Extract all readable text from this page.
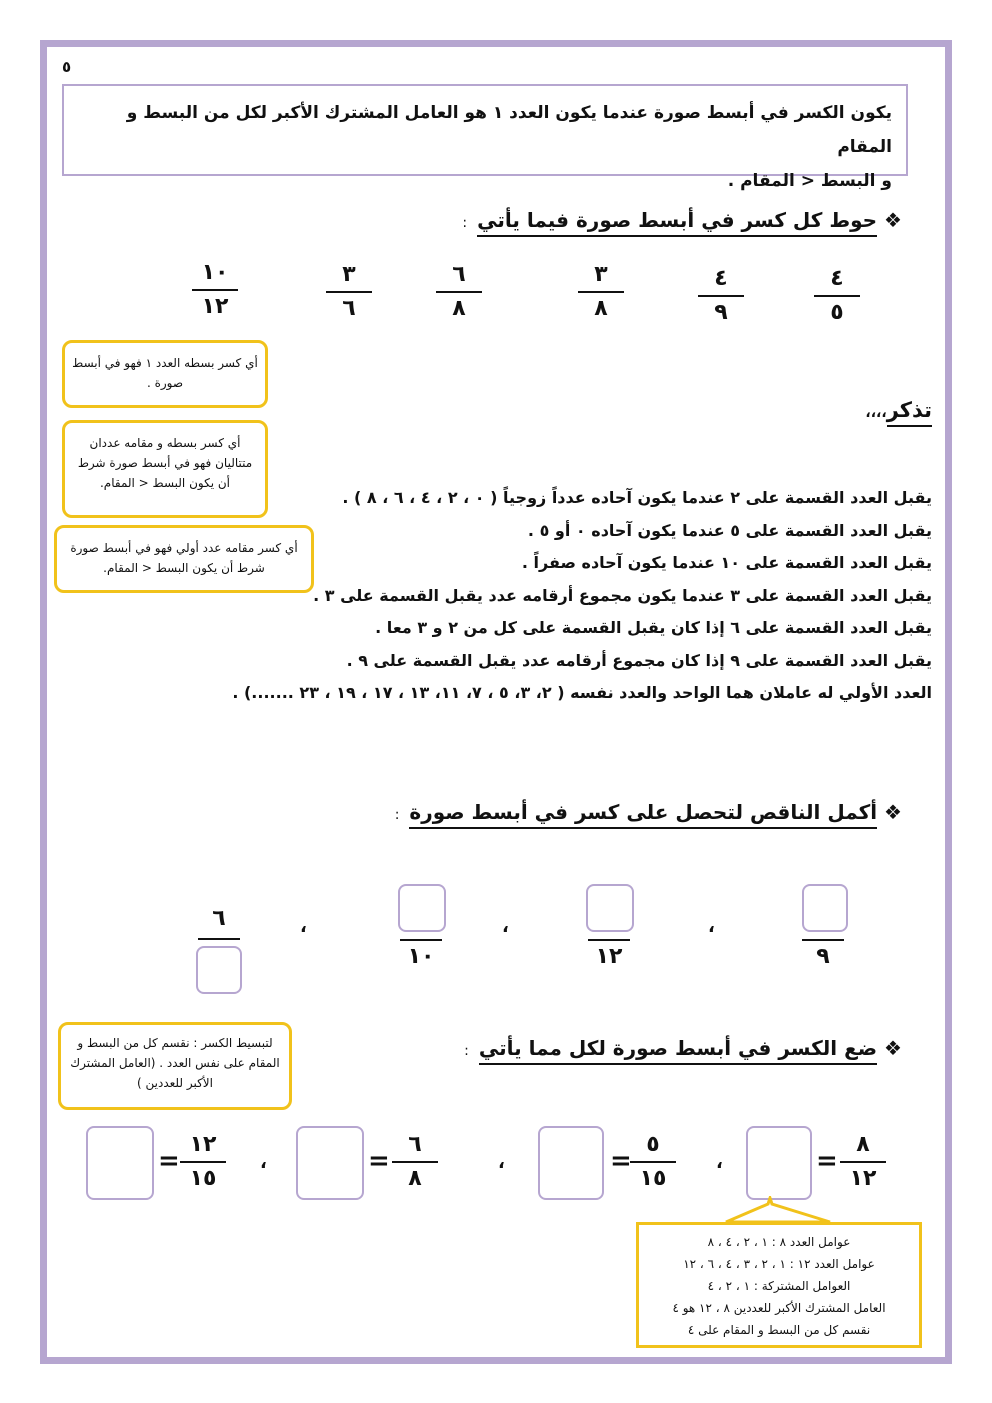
٥
يكون الكسر في أبسط صورة عندما يكون العدد ١ هو العامل المشترك الأكبر لكل من البسط و المقام
و البسط < المقام .
❖ حوط كل كسر في أبسط صورة فيما يأتي:
٤
٥
٤
٩
٣
٨
٦
٨
٣
٦
١٠
١٢
أي كسر بسطه العدد ١ فهو في أبسط صورة .
أي كسر بسطه و مقامه عددان متتاليان فهو في أبسط صورة شرط أن يكون البسط < المقام.
أي كسر مقامه عدد أولي فهو في أبسط صورة شرط أن يكون البسط < المقام.
تذكر،،،،
يقبل العدد القسمة على ٢ عندما يكون آحاده عدداً زوجياً ( ٠ ، ٢ ، ٤ ، ٦ ، ٨ ) .
يقبل العدد القسمة على ٥ عندما يكون آحاده ٠ أو ٥ .
يقبل العدد القسمة على ١٠ عندما يكون آحاده صفراً .
يقبل العدد القسمة على ٣ عندما يكون مجموع أرقامه عدد يقبل القسمة على ٣ .
يقبل العدد القسمة على ٦ إذا كان يقبل القسمة على كل من ٢ و ٣ معا .
يقبل العدد القسمة على ٩ إذا كان مجموع أرقامه عدد يقبل القسمة على ٩ .
العدد الأولي له عاملان هما الواحد والعدد نفسه ( ٢، ٣، ٥ ، ٧، ١١، ١٣ ، ١٧ ، ١٩ ، ٢٣ .......) .
❖ أكمل الناقص لتحصل على كسر في أبسط صورة:
٩
،
١٢
،
١٠
،
٦
لتبسيط الكسر : نقسم كل من البسط و المقام على نفس العدد . (العامل المشترك الأكبر للعددين )
❖ ضع الكسر في أبسط صورة لكل مما يأتي:
٨
١٢
=
،
٥
١٥
=
،
٦
٨
=
،
١٢
١٥
=
عوامل العدد ٨ : ١ ، ٢ ، ٤ ، ٨
عوامل العدد ١٢ : ١ ، ٢ ، ٣ ، ٤ ، ٦ ، ١٢
العوامل المشتركة : ١ ، ٢ ، ٤
العامل المشترك الأكبر للعددين ٨ ، ١٢ هو ٤
نقسم كل من البسط و المقام على ٤
